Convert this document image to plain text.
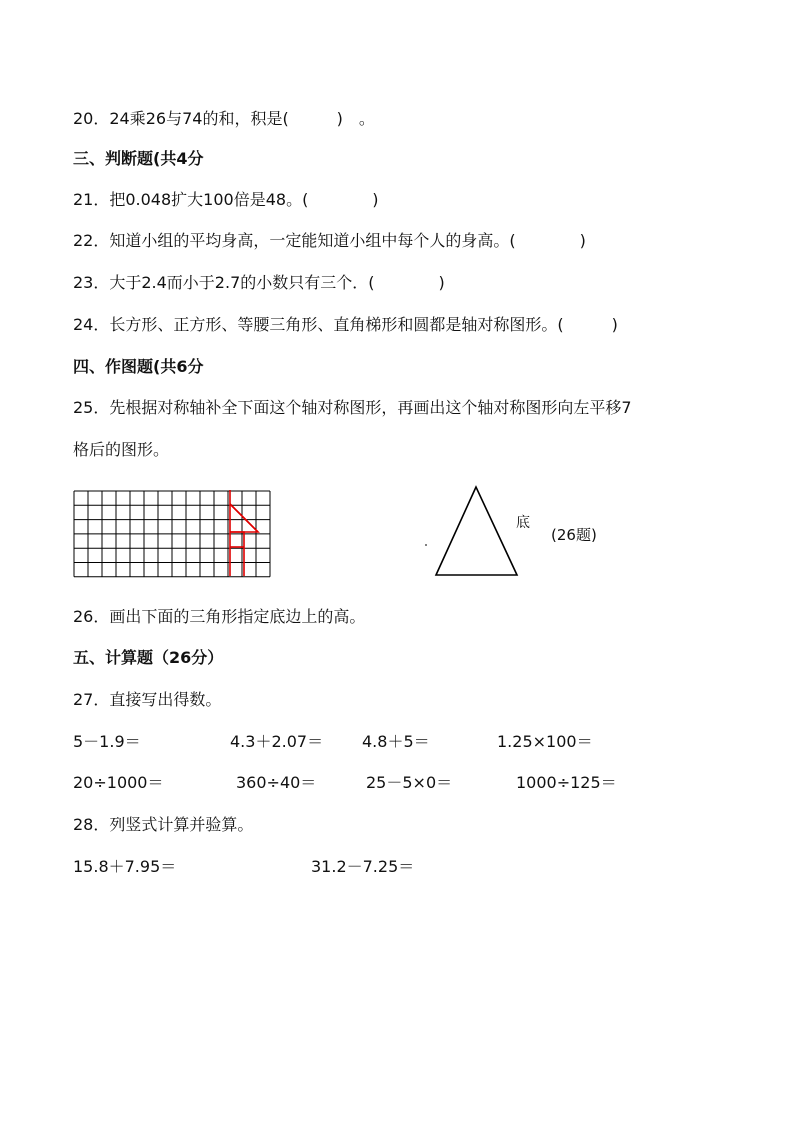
20．24乘26与74的和，积是(　　　)　。
三、判断题(共4分
21．把0.048扩大100倍是48。(　　　　)
22．知道小组的平均身高，一定能知道小组中每个人的身高。(　　　　)
23．大于2.4而小于2.7的小数只有三个．(　　　　)
24．长方形、正方形、等腰三角形、直角梯形和圆都是轴对称图形。(　　　)
四、作图题(共6分
25．先根据对称轴补全下面这个轴对称图形，再画出这个轴对称图形向左平移7
格后的图形。
底
(26题)
26．画出下面的三角形指定底边上的高。
五、计算题（26分）
27．直接写出得数。
5－1.9＝	4.3＋2.07＝ 4.8＋5＝	1.25×100＝
20÷1000＝	360÷40＝	25－5×0＝	1000÷125＝
28．列竖式计算并验算。
15.8＋7.95＝	31.2－7.25＝
